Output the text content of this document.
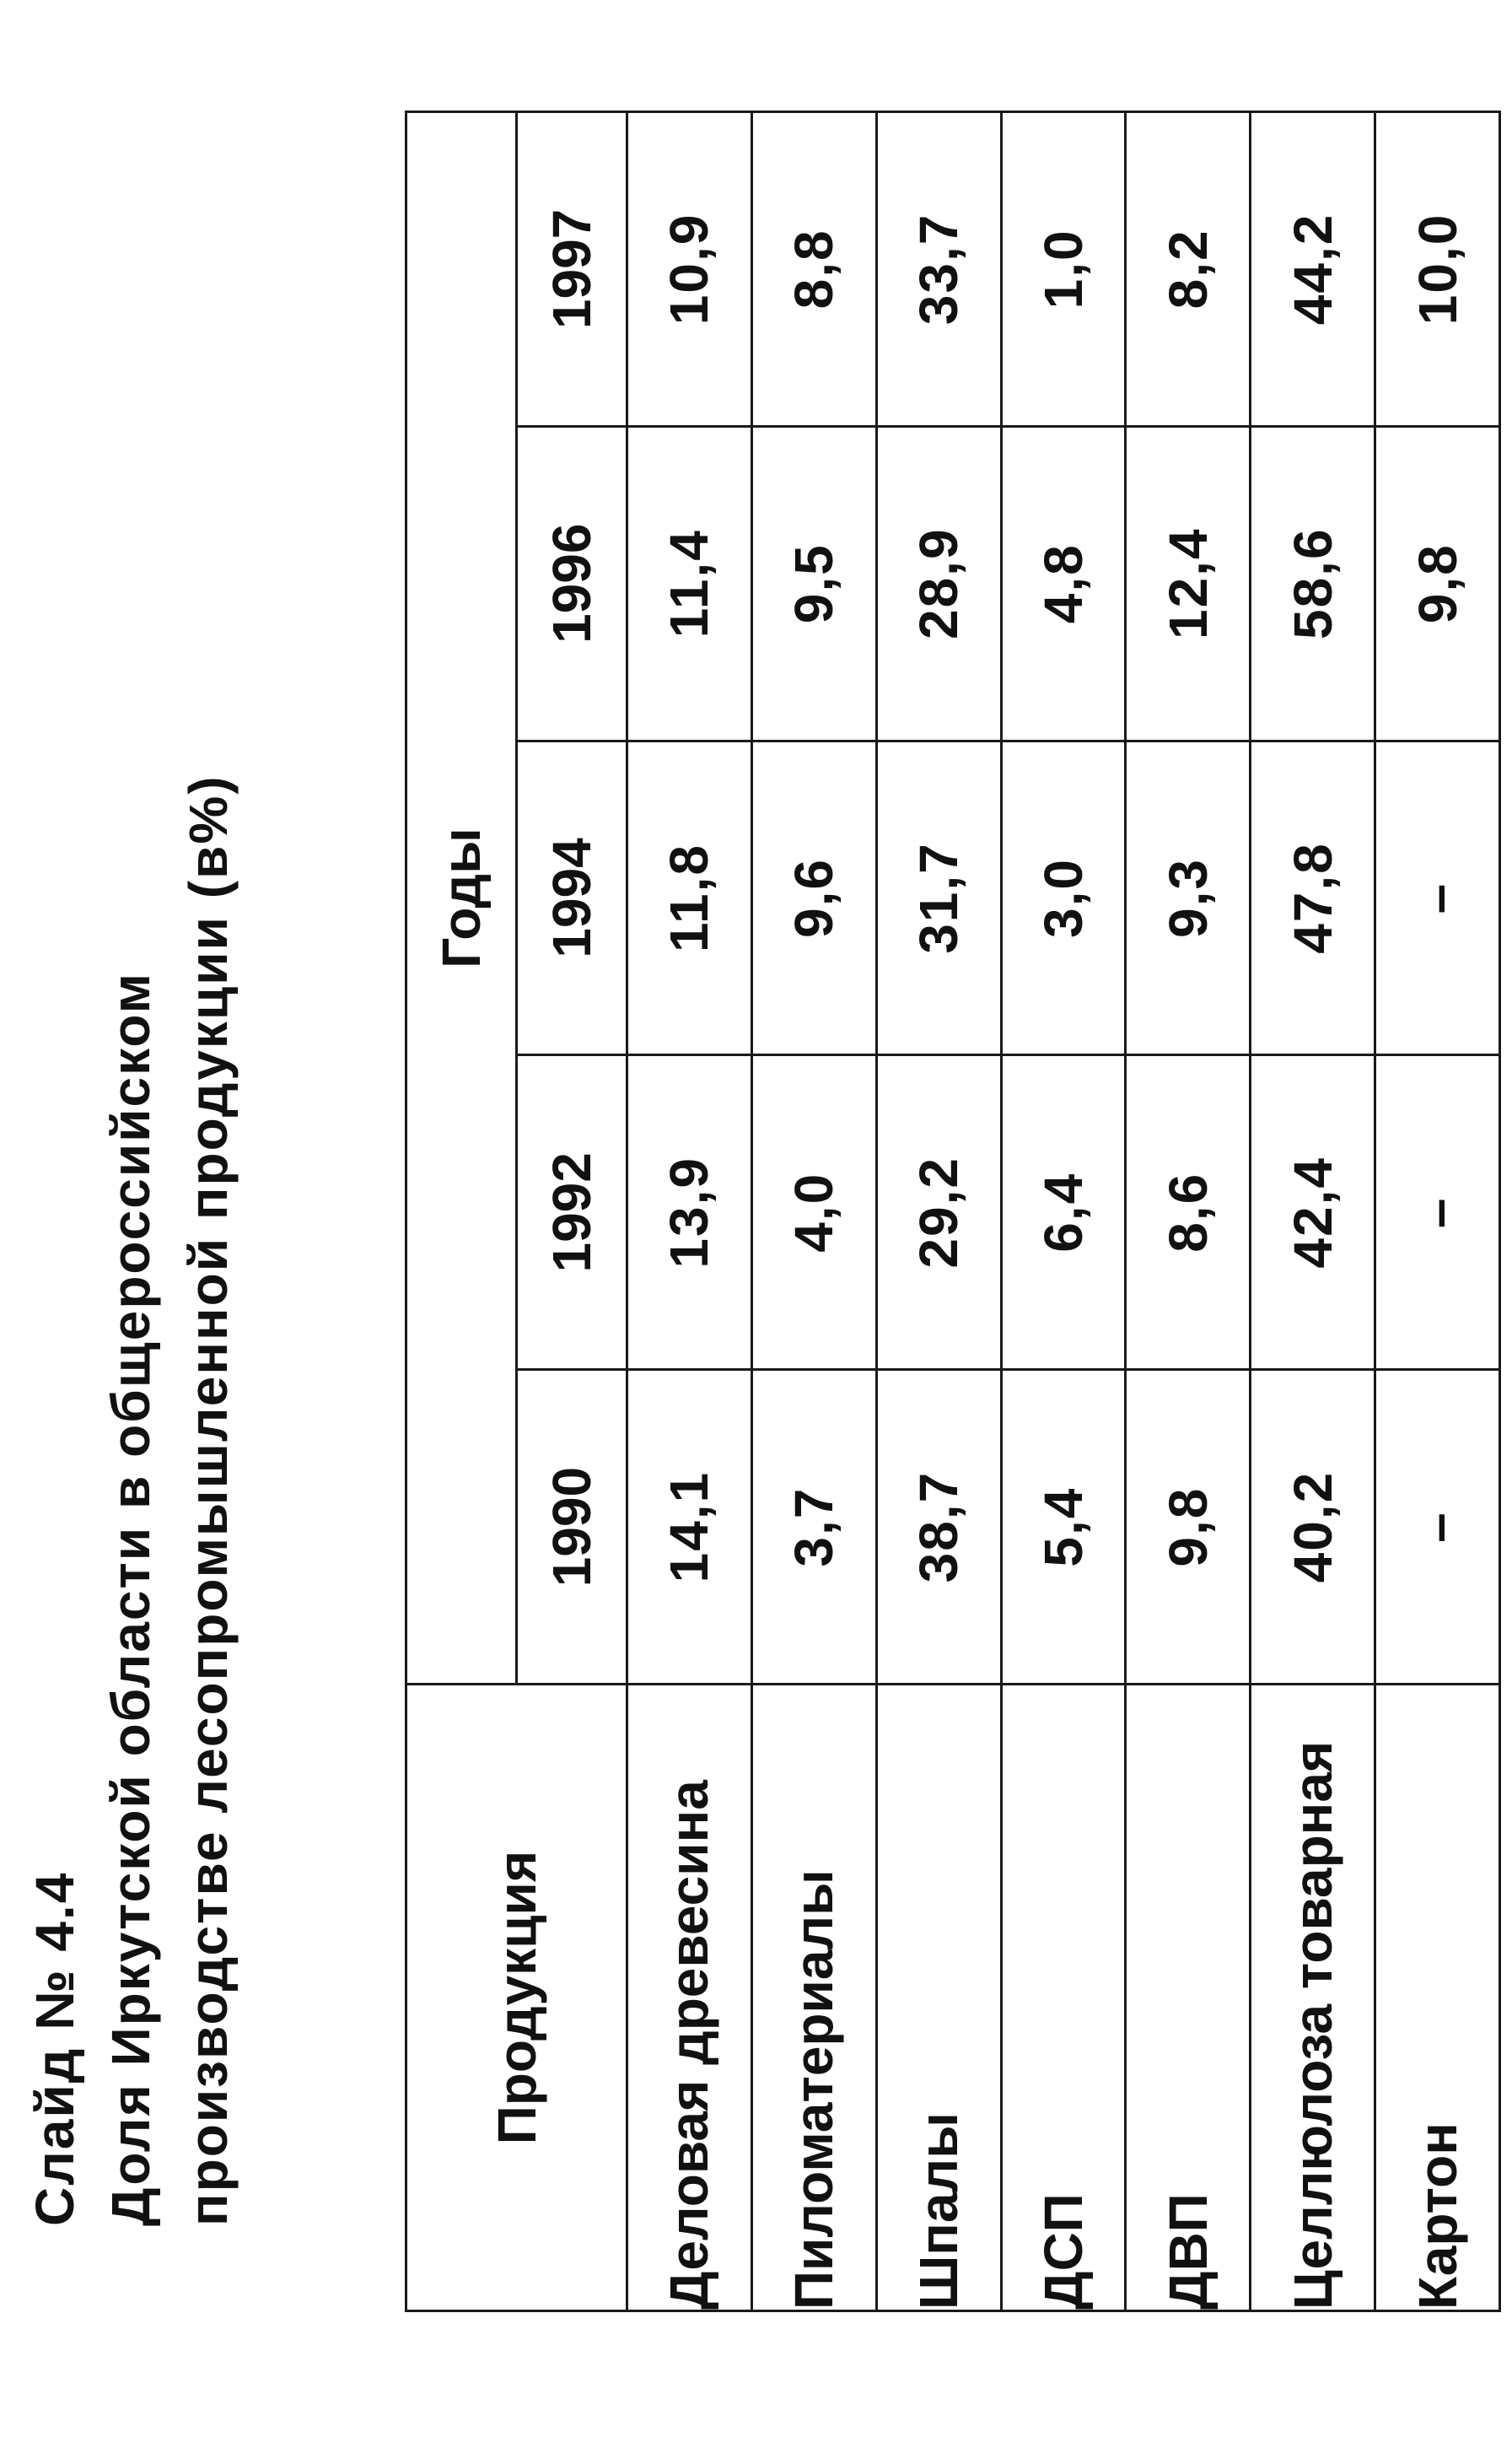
Слайд № 4.4 Доля Иркутской области в общероссийском производстве лесопромышленной продукции (в%)	Продукция	Годы				
	1990	1992	1994	1996	1997
Деловая древесина	14,1	13,9	11,8	11,4	10,9
Пиломатериалы	3,7	4,0	9,6	9,5	8,8
Шпалы	38,7	29,2	31,7	28,9	33,7
ДСП	5,4	6,4	3,0	4,8	1,0
ДВП	9,8	8,6	9,3	12,4	8,2
Целлюлоза товарная	40,2	42,4	47,8	58,6	44,2
Картон	–	–	–	9,8	10,0
